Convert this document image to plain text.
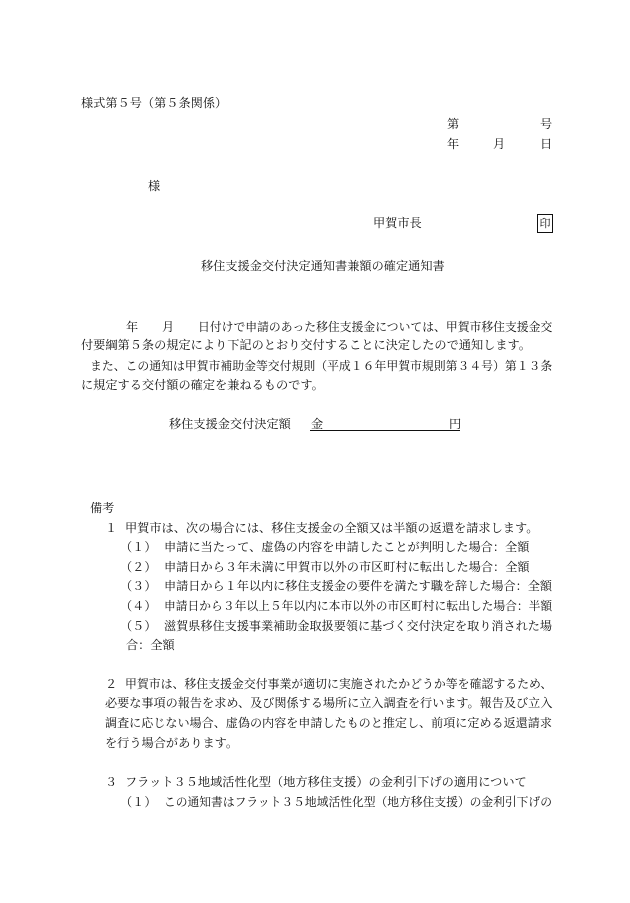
様式第５号（第５条関係）
第	号
年	月	日
様
甲賀市長	印
移住支援金交付決定通知書兼額の確定通知書
年 月 日付けで申請のあった移住支援金については、甲賀市移住支援金交
付要綱第５条の規定により下記のとおり交付することに決定したので通知します。
また、この通知は甲賀市補助金等交付規則（平成１６年甲賀市規則第３４号）第１３条
に規定する交付額の確定を兼ねるものです。
移住支援金交付決定額 金	円
備考
１ 甲賀市は、次の場合には、移住支援金の全額又は半額の返還を請求します。
（１） 申請に当たって、虚偽の内容を申請したことが判明した場合：全額
（２） 申請日から３年未満に甲賀市以外の市区町村に転出した場合：全額
（３） 申請日から１年以内に移住支援金の要件を満たす職を辞した場合：全額
（４） 申請日から３年以上５年以内に本市以外の市区町村に転出した場合：半額
（５） 滋賀県移住支援事業補助金取扱要領に基づく交付決定を取り消された場
合：全額
２ 甲賀市は、移住支援金交付事業が適切に実施されたかどうか等を確認するため、
必要な事項の報告を求め、及び関係する場所に立入調査を行います。報告及び立入
調査に応じない場合、虚偽の内容を申請したものと推定し、前項に定める返還請求
を行う場合があります。
３ フラット３５地域活性化型（地方移住支援）の金利引下げの適用について
（１） この通知書はフラット３５地域活性化型（地方移住支援）の金利引下げの
